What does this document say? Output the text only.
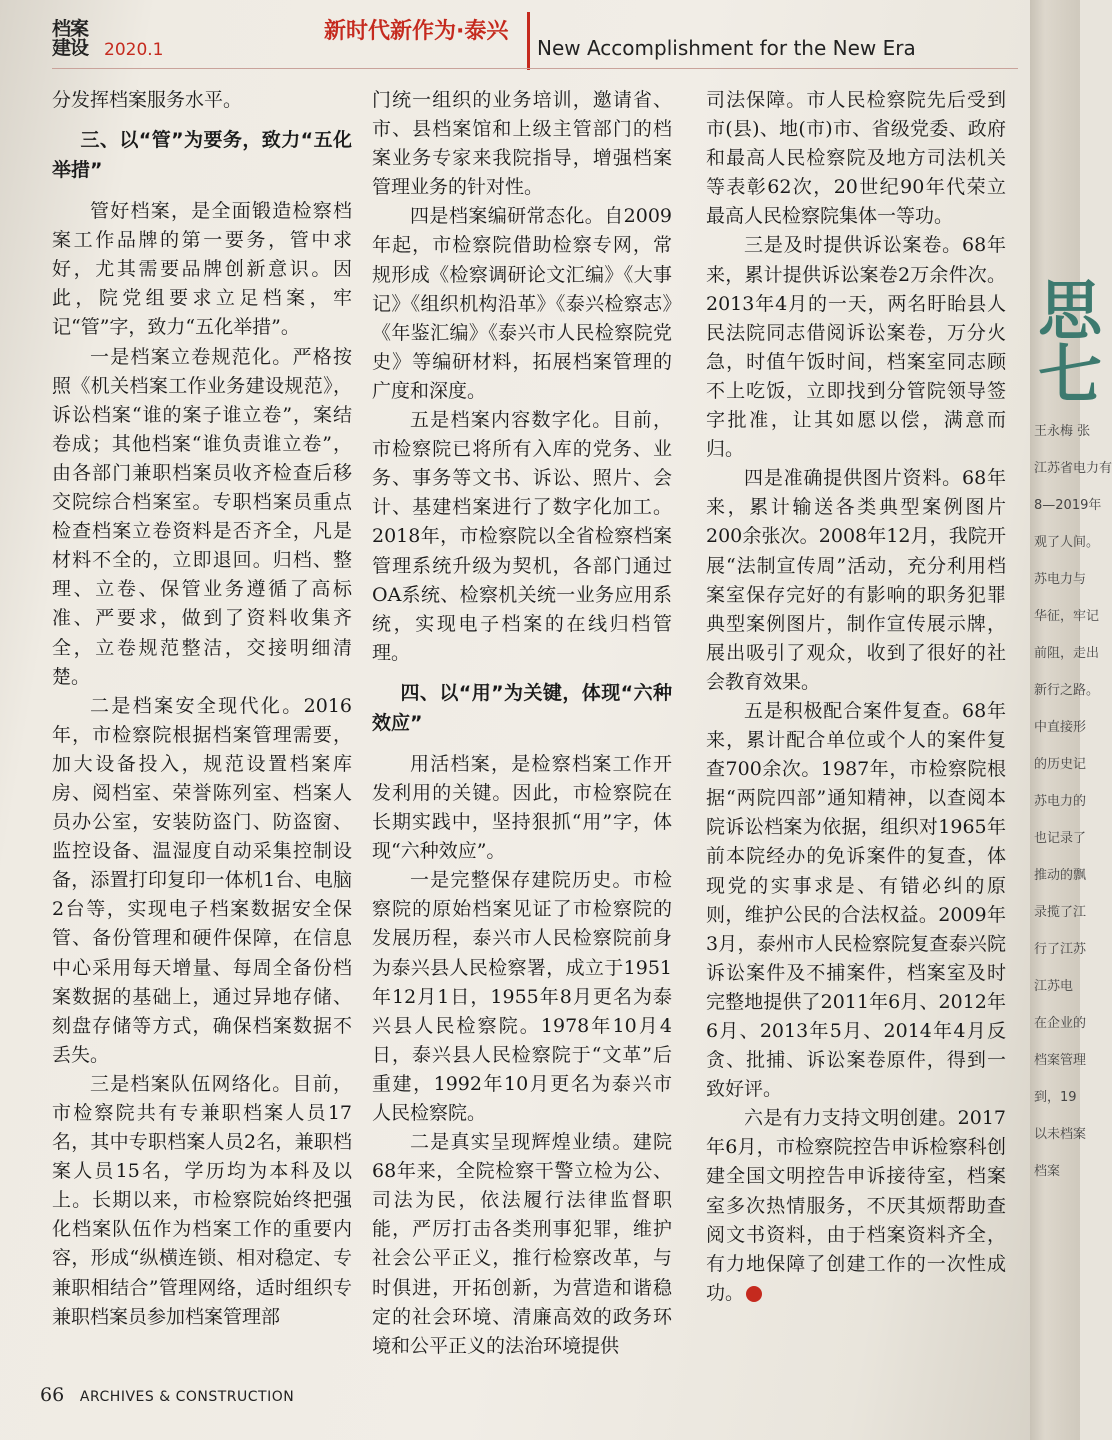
档案
建设 2020.1
新时代新作为·泰兴
New Accomplishment for the New Era

分发挥档案服务水平。

三、以“管”为要务，致力“五化举措”

管好档案，是全面锻造检察档案工作品牌的第一要务，管中求好，尤其需要品牌创新意识。因此，院党组要求立足档案，牢记“管”字，致力“五化举措”。

一是档案立卷规范化。严格按照《机关档案工作业务建设规范》，诉讼档案“谁的案子谁立卷”，案结卷成；其他档案“谁负责谁立卷”，由各部门兼职档案员收齐检查后移交院综合档案室。专职档案员重点检查档案立卷资料是否齐全，凡是材料不全的，立即退回。归档、整理、立卷、保管业务遵循了高标准、严要求，做到了资料收集齐全，立卷规范整洁，交接明细清楚。

二是档案安全现代化。2016年，市检察院根据档案管理需要，加大设备投入，规范设置档案库房、阅档室、荣誉陈列室、档案人员办公室，安装防盗门、防盗窗、监控设备、温湿度自动采集控制设备，添置打印复印一体机1台、电脑2台等，实现电子档案数据安全保管、备份管理和硬件保障，在信息中心采用每天增量、每周全备份档案数据的基础上，通过异地存储、刻盘存储等方式，确保档案数据不丢失。

三是档案队伍网络化。目前，市检察院共有专兼职档案人员17名，其中专职档案人员2名，兼职档案人员15名，学历均为本科及以上。长期以来，市检察院始终把强化档案队伍作为档案工作的重要内容，形成“纵横连锁、相对稳定、专兼职相结合”管理网络，适时组织专兼职档案员参加档案管理部

门统一组织的业务培训，邀请省、市、县档案馆和上级主管部门的档案业务专家来我院指导，增强档案管理业务的针对性。

四是档案编研常态化。自2009年起，市检察院借助检察专网，常规形成《检察调研论文汇编》《大事记》《组织机构沿革》《泰兴检察志》《年鉴汇编》《泰兴市人民检察院党史》等编研材料，拓展档案管理的广度和深度。

五是档案内容数字化。目前，市检察院已将所有入库的党务、业务、事务等文书、诉讼、照片、会计、基建档案进行了数字化加工。2018年，市检察院以全省检察档案管理系统升级为契机，各部门通过OA系统、检察机关统一业务应用系统，实现电子档案的在线归档管理。

四、以“用”为关键，体现“六种效应”

用活档案，是检察档案工作开发利用的关键。因此，市检察院在长期实践中，坚持狠抓“用”字，体现“六种效应”。

一是完整保存建院历史。市检察院的原始档案见证了市检察院的发展历程，泰兴市人民检察院前身为泰兴县人民检察署，成立于1951年12月1日，1955年8月更名为泰兴县人民检察院。1978年10月4日，泰兴县人民检察院于“文革”后重建，1992年10月更名为泰兴市人民检察院。

二是真实呈现辉煌业绩。建院68年来，全院检察干警立检为公、司法为民，依法履行法律监督职能，严厉打击各类刑事犯罪，维护社会公平正义，推行检察改革，与时俱进，开拓创新，为营造和谐稳定的社会环境、清廉高效的政务环境和公平正义的法治环境提供

司法保障。市人民检察院先后受到市(县)、地(市)市、省级党委、政府和最高人民检察院及地方司法机关等表彰62次，20世纪90年代荣立最高人民检察院集体一等功。

三是及时提供诉讼案卷。68年来，累计提供诉讼案卷2万余件次。2013年4月的一天，两名盱眙县人民法院同志借阅诉讼案卷，万分火急，时值午饭时间，档案室同志顾不上吃饭，立即找到分管院领导签字批准，让其如愿以偿，满意而归。

四是准确提供图片资料。68年来，累计输送各类典型案例图片200余张次。2008年12月，我院开展“法制宣传周”活动，充分利用档案室保存完好的有影响的职务犯罪典型案例图片，制作宣传展示牌，展出吸引了观众，收到了很好的社会教育效果。

五是积极配合案件复查。68年来，累计配合单位或个人的案件复查700余次。1987年，市检察院根据“两院四部”通知精神，以查阅本院诉讼档案为依据，组织对1965年前本院经办的免诉案件的复查，体现党的实事求是、有错必纠的原则，维护公民的合法权益。2009年3月，泰州市人民检察院复查泰兴院诉讼案件及不捕案件，档案室及时完整地提供了2011年6月、2012年6月、2013年5月、2014年4月反贪、批捕、诉讼案卷原件，得到一致好评。

六是有力支持文明创建。2017年6月，市检察院控告申诉检察科创建全国文明控告申诉接待室，档案室多次热情服务，不厌其烦帮助查阅文书资料，由于档案资料齐全，有力地保障了创建工作的一次性成功。

66 ARCHIVES & CONSTRUCTION
思七
王永梅 张
江苏省电力有
8—2019年
观了人间。
苏电力与
华征，牢记
前阻，走出
新行之路。
中直接形
的历史记
苏电力的
也记录了
推动的飘
录揽了江
行了江苏
江苏电
在企业的
档案管理
到，19
以未档案
档案
